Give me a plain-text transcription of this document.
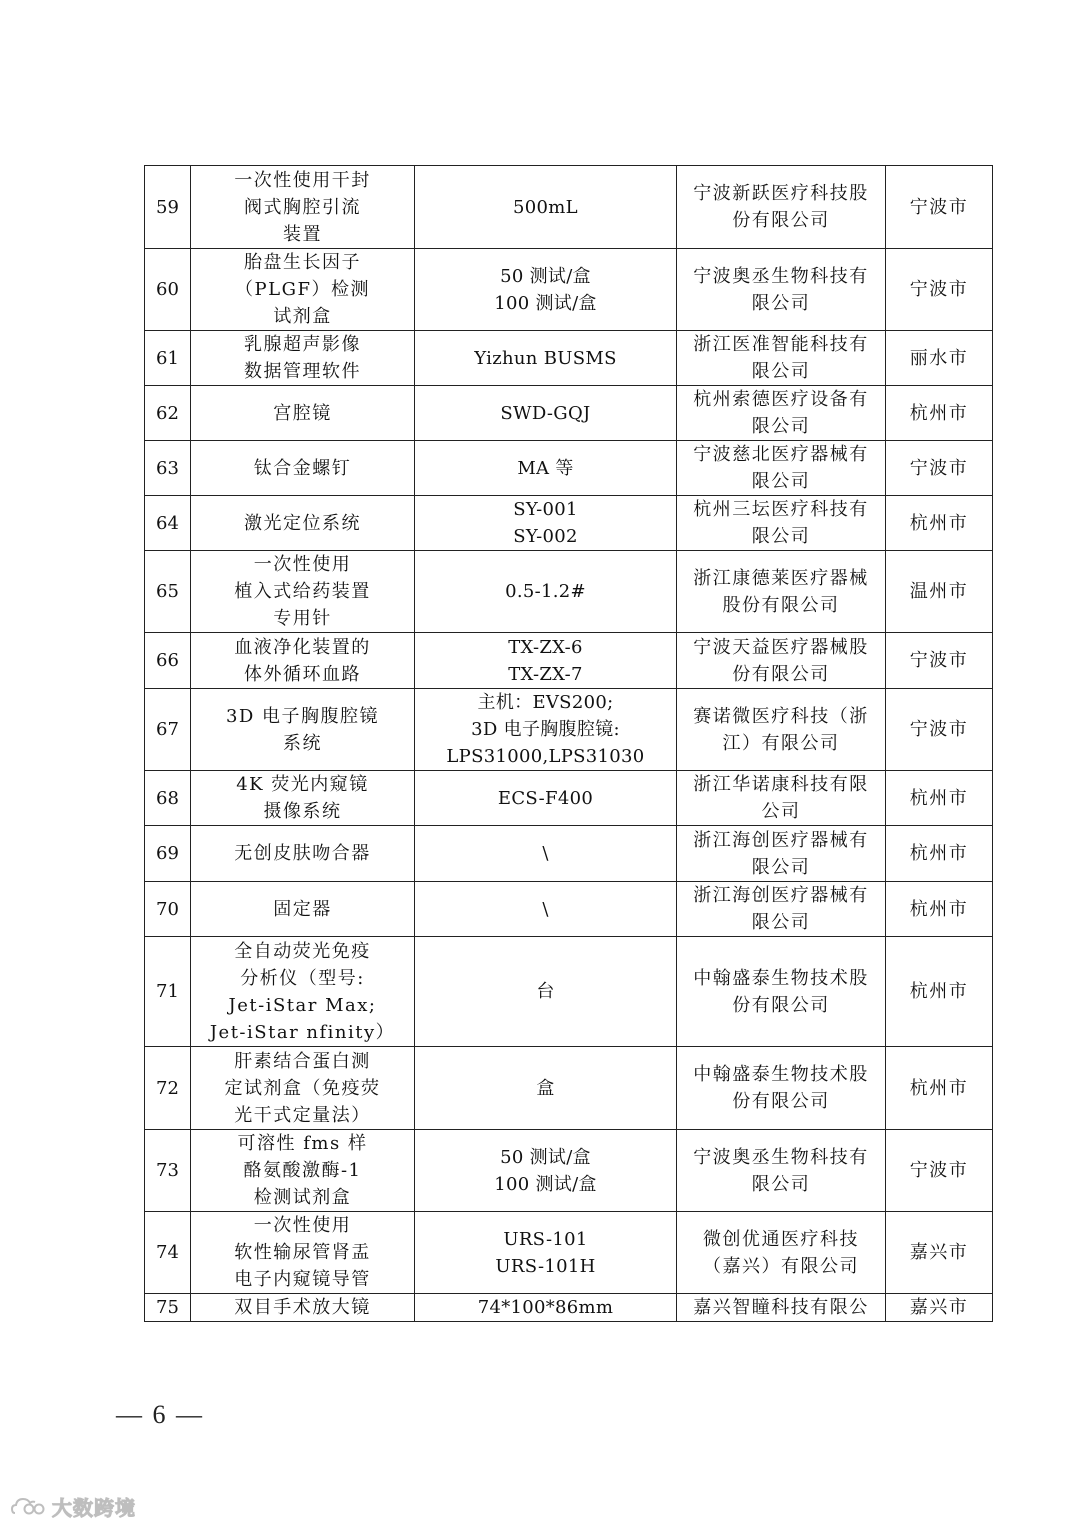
59	一次性使用干封
阀式胸腔引流
装置	500mL	宁波新跃医疗科技股
份有限公司	宁波市
60	胎盘生长因子
（PLGF）检测
试剂盒	50 测试/盒
100 测试/盒	宁波奥丞生物科技有
限公司	宁波市
61	乳腺超声影像
数据管理软件	Yizhun BUSMS	浙江医准智能科技有
限公司	丽水市
62	宫腔镜	SWD-GQJ	杭州索德医疗设备有
限公司	杭州市
63	钛合金螺钉	MA 等	宁波慈北医疗器械有
限公司	宁波市
64	激光定位系统	SY-001
SY-002	杭州三坛医疗科技有
限公司	杭州市
65	一次性使用
植入式给药装置
专用针	0.5-1.2#	浙江康德莱医疗器械
股份有限公司	温州市
66	血液净化装置的
体外循环血路	TX-ZX-6
TX-ZX-7	宁波天益医疗器械股
份有限公司	宁波市
67	3D 电子胸腹腔镜
系统	主机：EVS200;
3D 电子胸腹腔镜:
LPS31000,LPS31030	赛诺微医疗科技（浙
江）有限公司	宁波市
68	4K 荧光内窥镜
摄像系统	ECS-F400	浙江华诺康科技有限
公司	杭州市
69	无创皮肤吻合器	\	浙江海创医疗器械有
限公司	杭州市
70	固定器	\	浙江海创医疗器械有
限公司	杭州市
71	全自动荧光免疫
分析仪（型号:
Jet-iStar Max;
Jet-iStar nfinity）	台	中翰盛泰生物技术股
份有限公司	杭州市
72	肝素结合蛋白测
定试剂盒（免疫荧
光干式定量法）	盒	中翰盛泰生物技术股
份有限公司	杭州市
73	可溶性 fms 样
酪氨酸激酶-1
检测试剂盒	50 测试/盒
100 测试/盒	宁波奥丞生物科技有
限公司	宁波市
74	一次性使用
软性输尿管肾盂
电子内窥镜导管	URS-101
URS-101H	微创优通医疗科技
（嘉兴）有限公司	嘉兴市
75	双目手术放大镜	74*100*86mm	嘉兴智瞳科技有限公	嘉兴市
— 6 —
大数跨境
